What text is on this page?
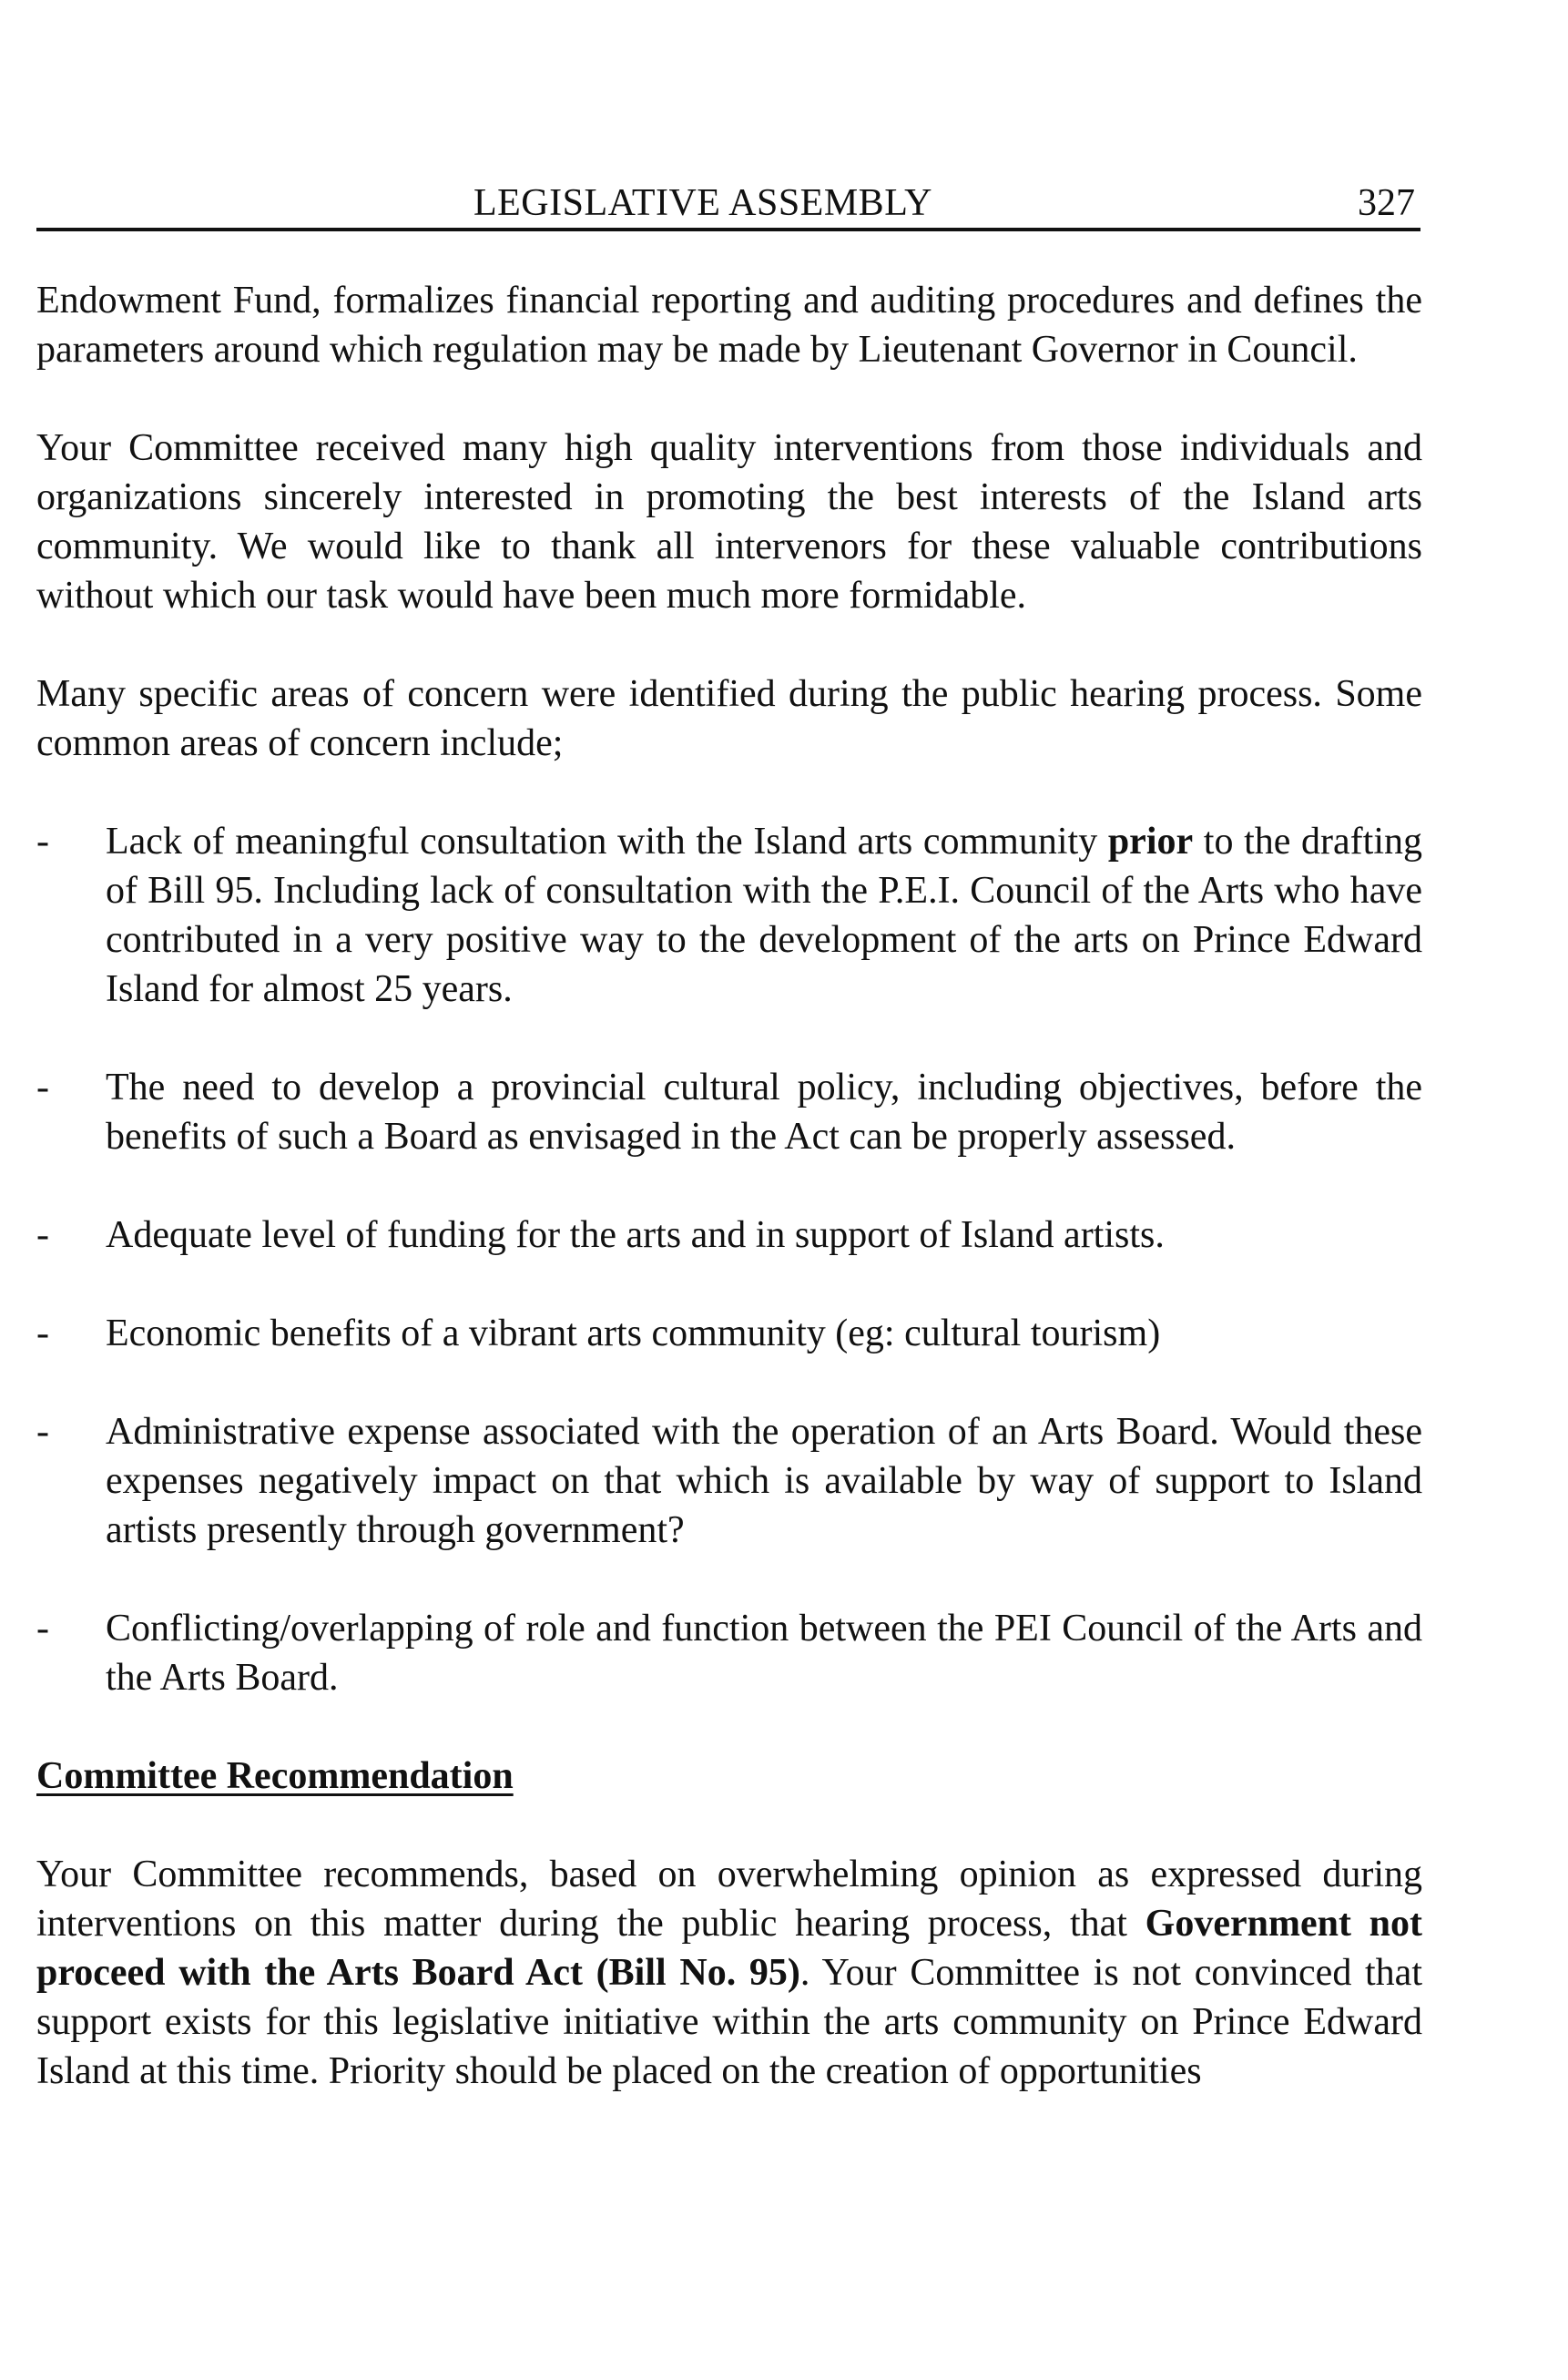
LEGISLATIVE ASSEMBLY	327

Endowment Fund, formalizes financial reporting and auditing procedures and defines the parameters around which regulation may be made by Lieutenant Governor in Council.

Your Committee received many high quality interventions from those individuals and organizations sincerely interested in promoting the best interests of the Island arts community. We would like to thank all intervenors for these valuable contributions without which our task would have been much more formidable.

Many specific areas of concern were identified during the public hearing process. Some common areas of concern include;

- Lack of meaningful consultation with the Island arts community prior to the drafting of Bill 95. Including lack of consultation with the P.E.I. Council of the Arts who have contributed in a very positive way to the development of the arts on Prince Edward Island for almost 25 years.
- The need to develop a provincial cultural policy, including objectives, before the benefits of such a Board as envisaged in the Act can be properly assessed.
- Adequate level of funding for the arts and in support of Island artists.
- Economic benefits of a vibrant arts community (eg: cultural tourism)
- Administrative expense associated with the operation of an Arts Board. Would these expenses negatively impact on that which is available by way of support to Island artists presently through government?
- Conflicting/overlapping of role and function between the PEI Council of the Arts and the Arts Board.
Committee Recommendation

Your Committee recommends, based on overwhelming opinion as expressed during interventions on this matter during the public hearing process, that Government not proceed with the Arts Board Act (Bill No. 95). Your Committee is not convinced that support exists for this legislative initiative within the arts community on Prince Edward Island at this time. Priority should be placed on the creation of opportunities
